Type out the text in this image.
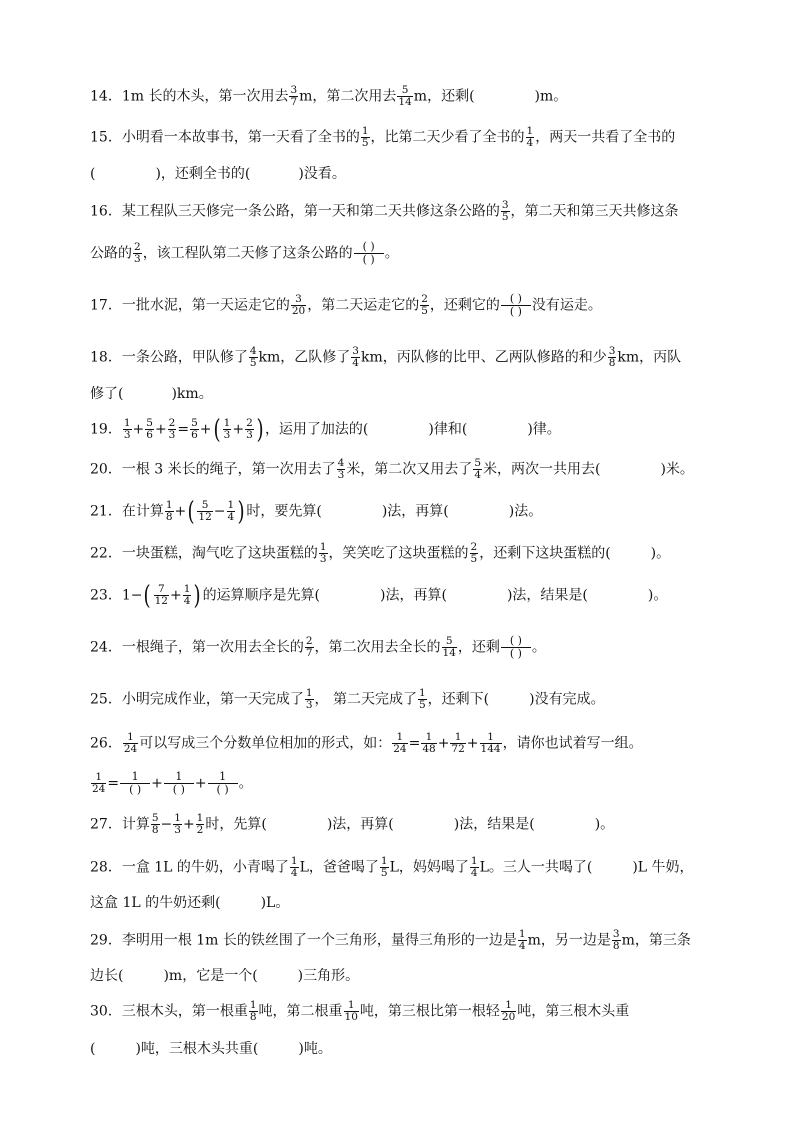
14．1m 长的木头，第一次用去 $\frac{3}{7}$ m，第二次用去 $\frac{5}{14}$ m，还剩(	)m。
15．小明看一本故事书，第一天看了全书的 $\frac{1}{5}$ ，比第二天少看了全书的 $\frac{1}{4}$ ，两天一共看了全书的
(	)，还剩全书的(	)没看。
16．某工程队三天修完一条公路，第一天和第二天共修这条公路的 $\frac{3}{5}$ ，第二天和第三天共修这条
公路的 $\frac{2}{3}$ ，该工程队第二天修了这条公路的 ( )
( ) 。
17．一批水泥，第一天运走它的 $\frac{3}{20}$ ，第二天运走它的 $\frac{2}{5}$ ，还剩它的 ( )
( ) 没有运走。
18．一条公路，甲队修了 $\frac{4}{5}$ km，乙队修了 $\frac{3}{4}$ km，丙队修的比甲、乙两队修路的和少 $\frac{3}{8}$ km，丙队
修了(	)km。
19． $\frac{1}{3} + \frac{5}{6} + \frac{2}{3} = \frac{5}{6}$ +( $\frac{1}{3} + \frac{2}{3}$ ) ，运用了加法的(	)律和(	)律。
20．一根 3 米长的绳子，第一次用去了 $\frac{4}{3}$ 米，第二次又用去了 $\frac{5}{4}$ 米，两次一共用去(	)米。
21．在计算 $\frac{1}{8}$ +( $\frac{5}{12} - \frac{1}{4}$ ) 时，要先算(	)法，再算(	)法。
22．一块蛋糕，淘气吃了这块蛋糕的 $\frac{1}{3}$ ，笑笑吃了这块蛋糕的 $\frac{2}{5}$ ，还剩下这块蛋糕的(	)。
23．$1-( \frac{7}{12} + \frac{1}{4}$ ) 的运算顺序是先算(	)法，再算(	)法，结果是(	)。
24．一根绳子，第一次用去全长的 $\frac{2}{7}$ ，第二次用去全长的 $\frac{5}{14}$ ，还剩 ( )
( ) 。
25．小明完成作业，第一天完成了 $\frac{1}{3}$ ， 第二天完成了 $\frac{1}{5}$ ，还剩下(	)没有完成。
26． $\frac{1}{24}$ 可以写成三个分数单位相加的形式，如： $\frac{1}{24} = \frac{1}{48} + \frac{1}{72} + \frac{1}{144}$ ，请你也试着写一组。
$\frac{1}{24}$ =	1
( ) +	1
( ) +	1
( ) 。
27．计算 $\frac{5}{8} - \frac{1}{3} + \frac{1}{2}$ 时，先算(	)法，再算(	)法，结果是(	)。
28．一盒 1L 的牛奶，小青喝了 $\frac{1}{4}$ L，爸爸喝了 $\frac{1}{5}$ L，妈妈喝了 $\frac{1}{4}$ L。三人一共喝了(	)L 牛奶，
这盒 1L 的牛奶还剩(	)L。
29．李明用一根 1m 长的铁丝围了一个三角形，量得三角形的一边是 $\frac{1}{4}$ m，另一边是 $\frac{3}{8}$ m，第三条
边长(	)m，它是一个(	)三角形。
30．三根木头，第一根重 $\frac{1}{8}$ 吨，第二根重 $\frac{1}{10}$ 吨，第三根比第一根轻 $\frac{1}{20}$ 吨，第三根木头重
(	)吨，三根木头共重(	)吨。
